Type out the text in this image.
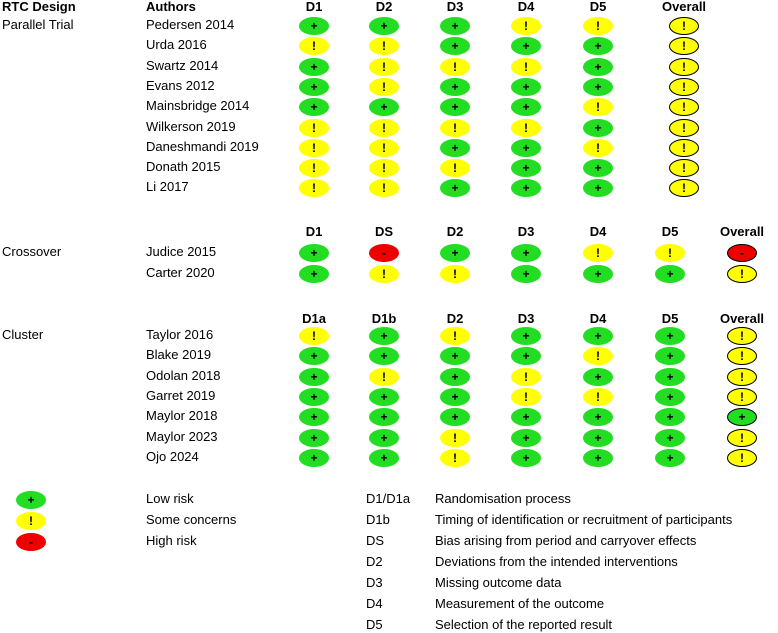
RTC Design	Authors
Parallel Trial
D1	D2	D3	D4	D5	Overall
Pedersen 2014	+	+	+	!	!	!
Urda 2016	!	!	+	+	+	!
Swartz 2014	+	!	!	!	+	!
Evans 2012	+	!	+	+	+	!
Mainsbridge 2014	+	+	+	+	!	!
Wilkerson 2019	!	!	!	!	+	!
Daneshmandi 2019	!	!	+	+	!	!
Donath 2015	!	!	!	+	+	!
Li 2017	!	!	+	+	+	!
Crossover
D1	DS	D2	D3	D4	D5	Overall
Judice 2015	+	-	+	+	!	!	-
Carter 2020	+	!	!	+	+	+	!
Cluster
D1a	D1b	D2	D3	D4	D5	Overall
Taylor 2016	!	+	!	+	+	+	!
Blake 2019	+	+	+	+	!	+	!
Odolan 2018	+	!	+	!	+	+	!
Garret 2019	+	+	+	!	!	+	!
Maylor 2018	+	+	+	+	+	+	+
Maylor 2023	+	+	!	+	+	+	!
Ojo 2024	+	+	!	+	+	+	!
+	Low risk
!	Some concerns
-	High risk
D1/D1a Randomisation process
D1b	Timing of identification or recruitment of participants
DS	Bias arising from period and carryover effects
D2	Deviations from the intended interventions
D3	Missing outcome data
D4	Measurement of the outcome
D5	Selection of the reported result
